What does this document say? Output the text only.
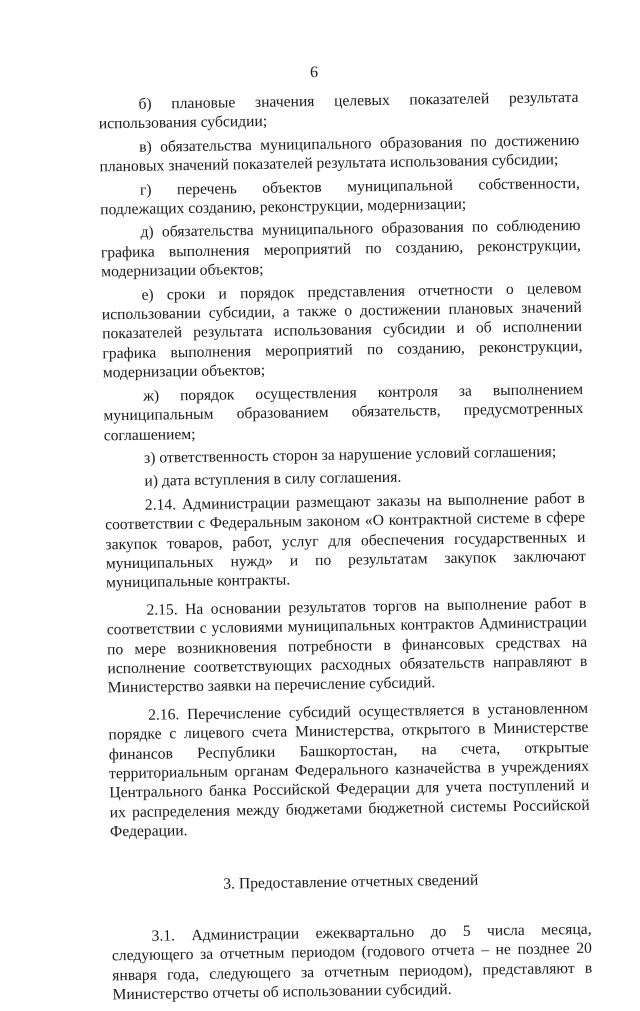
6

б) плановые значения целевых показателей результата использования субсидии;

в) обязательства муниципального образования по достижению плановых значений показателей результата использования субсидии;

г) перечень объектов муниципальной собственности, подлежащих созданию, реконструкции, модернизации;

д) обязательства муниципального образования по соблюдению графика выполнения мероприятий по созданию, реконструкции, модернизации объектов;

е) сроки и порядок представления отчетности о целевом использовании субсидии, а также о достижении плановых значений показателей результата использования субсидии и об исполнении графика выполнения мероприятий по созданию, реконструкции, модернизации объектов;

ж) порядок осуществления контроля за выполнением муниципальным образованием обязательств, предусмотренных соглашением;

з) ответственность сторон за нарушение условий соглашения;

и) дата вступления в силу соглашения.

2.14. Администрации размещают заказы на выполнение работ в соответствии с Федеральным законом «О контрактной системе в сфере закупок товаров, работ, услуг для обеспечения государственных и муниципальных нужд» и по результатам закупок заключают муниципальные контракты.

2.15. На основании результатов торгов на выполнение работ в соответствии с условиями муниципальных контрактов Администрации по мере возникновения потребности в финансовых средствах на исполнение соответствующих расходных обязательств направляют в Министерство заявки на перечисление субсидий.

2.16. Перечисление субсидий осуществляется в установленном порядке с лицевого счета Министерства, открытого в Министерстве финансов Республики Башкортостан, на счета, открытые территориальным органам Федерального казначейства в учреждениях Центрального банка Российской Федерации для учета поступлений и их распределения между бюджетами бюджетной системы Российской Федерации.

3. Предоставление отчетных сведений

3.1. Администрации ежеквартально до 5 числа месяца, следующего за отчетным периодом (годового отчета – не позднее 20 января года, следующего за отчетным периодом), представляют в Министерство отчеты об использовании субсидий.
